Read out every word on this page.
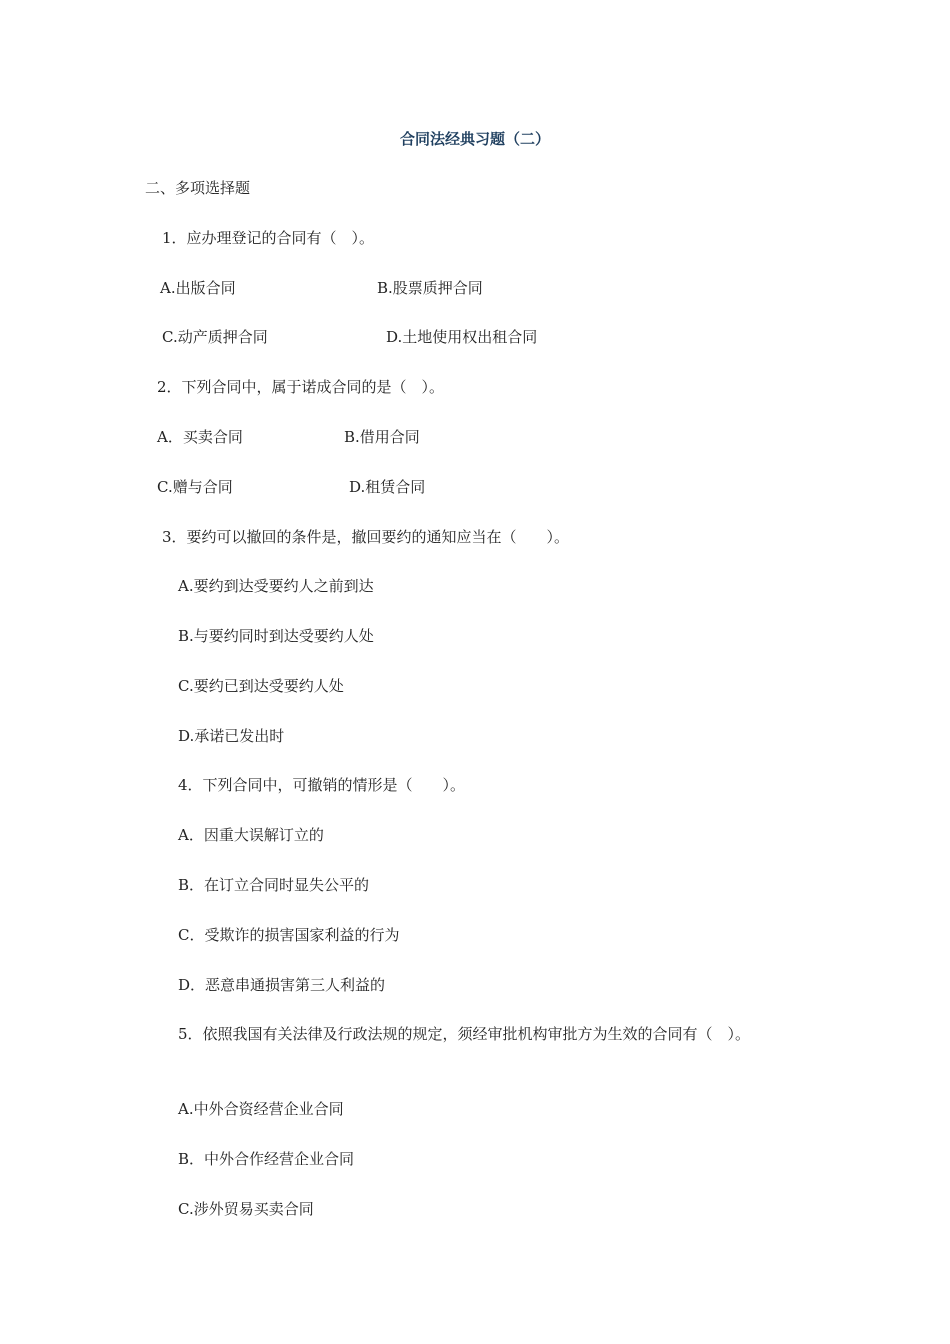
合同法经典习题（二）
二、多项选择题
1．应办理登记的合同有（　）。
A.出版合同	B.股票质押合同
C.动产质押合同	D.土地使用权出租合同
2．下列合同中，属于诺成合同的是（　）。
A．买卖合同	B.借用合同
C.赠与合同	D.租赁合同
3．要约可以撤回的条件是，撤回要约的通知应当在（　　）。
A.要约到达受要约人之前到达
B.与要约同时到达受要约人处
C.要约已到达受要约人处
D.承诺已发出时
4．下列合同中，可撤销的情形是（　　）。
A．因重大误解订立的
B．在订立合同时显失公平的
C．受欺诈的损害国家利益的行为
D．恶意串通损害第三人利益的
5．依照我国有关法律及行政法规的规定，须经审批机构审批方为生效的合同有（　）。
A.中外合资经营企业合同
B．中外合作经营企业合同
C.涉外贸易买卖合同
